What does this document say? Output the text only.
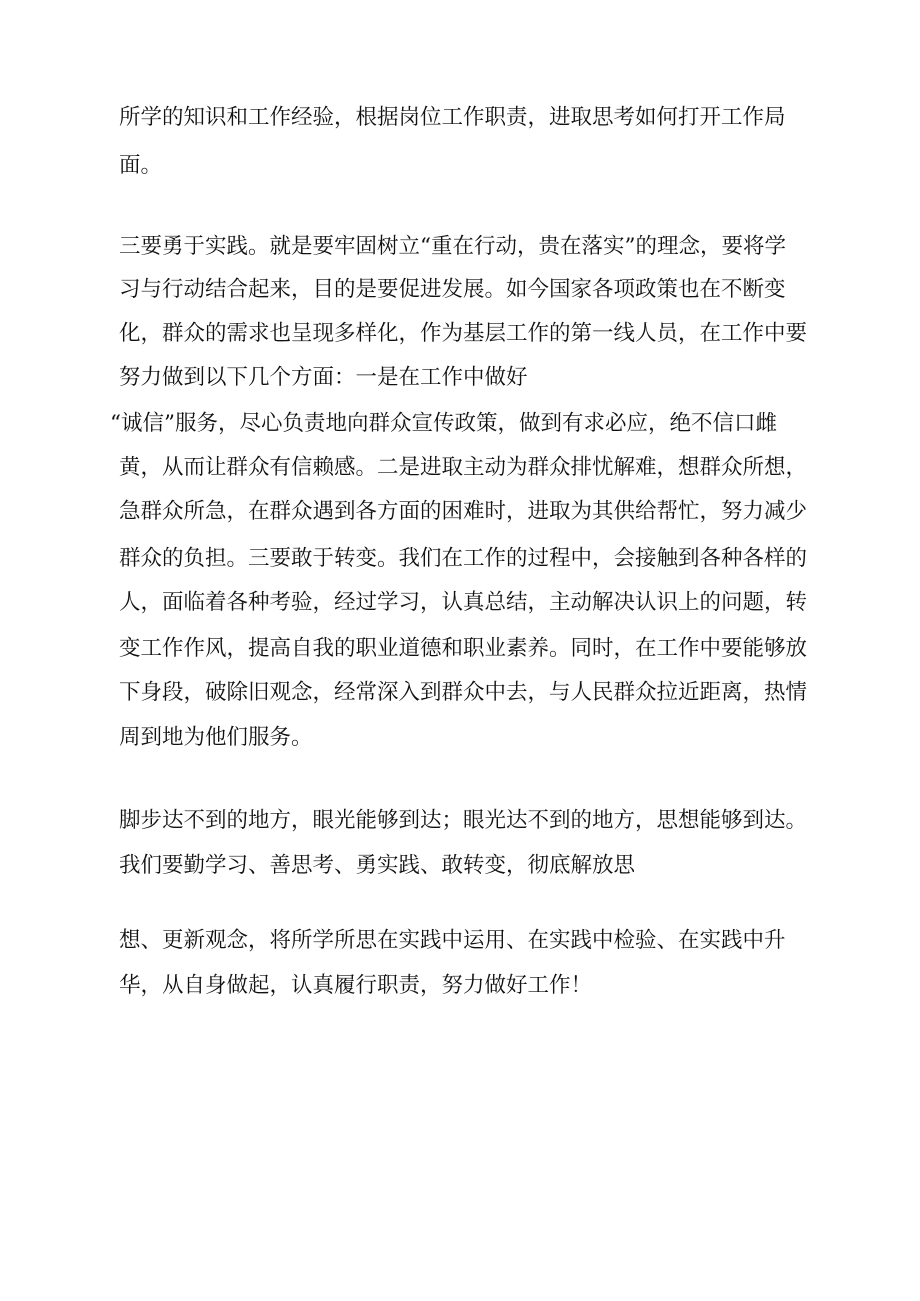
所学的知识和工作经验，根据岗位工作职责，进取思考如何打开工作局

面。

三要勇于实践。就是要牢固树立“重在行动，贵在落实”的理念，要将学

习与行动结合起来，目的是要促进发展。如今国家各项政策也在不断变

化，群众的需求也呈现多样化，作为基层工作的第一线人员，在工作中要

努力做到以下几个方面：一是在工作中做好

“诚信”服务，尽心负责地向群众宣传政策，做到有求必应，绝不信口雌

黄，从而让群众有信赖感。二是进取主动为群众排忧解难，想群众所想，

急群众所急，在群众遇到各方面的困难时，进取为其供给帮忙，努力减少

群众的负担。三要敢于转变。我们在工作的过程中，会接触到各种各样的

人，面临着各种考验，经过学习，认真总结，主动解决认识上的问题，转

变工作作风，提高自我的职业道德和职业素养。同时，在工作中要能够放

下身段，破除旧观念，经常深入到群众中去，与人民群众拉近距离，热情

周到地为他们服务。

脚步达不到的地方，眼光能够到达；眼光达不到的地方，思想能够到达。

我们要勤学习、善思考、勇实践、敢转变，彻底解放思

想、更新观念，将所学所思在实践中运用、在实践中检验、在实践中升

华，从自身做起，认真履行职责，努力做好工作！
